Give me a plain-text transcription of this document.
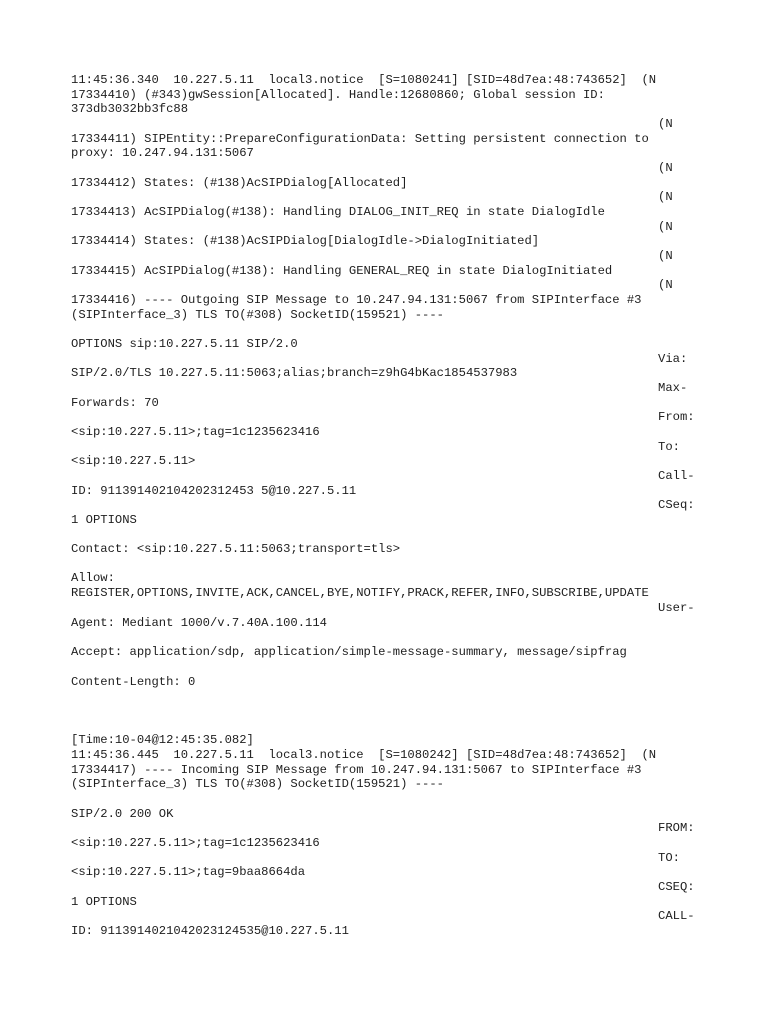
11:45:36.340  10.227.5.11  local3.notice  [S=1080241] [SID=48d7ea:48:743652]  (N

17334410) (#343)gwSession[Allocated]. Handle:12680860; Global session ID:

373db3032bb3fc88

(N

17334411) SIPEntity::PrepareConfigurationData: Setting persistent connection to

proxy: 10.247.94.131:5067

(N

17334412) States: (#138)AcSIPDialog[Allocated]

(N

17334413) AcSIPDialog(#138): Handling DIALOG_INIT_REQ in state DialogIdle

(N

17334414) States: (#138)AcSIPDialog[DialogIdle->DialogInitiated]

(N

17334415) AcSIPDialog(#138): Handling GENERAL_REQ in state DialogInitiated

(N

17334416) ---- Outgoing SIP Message to 10.247.94.131:5067 from SIPInterface #3

(SIPInterface_3) TLS TO(#308) SocketID(159521) ----

OPTIONS sip:10.227.5.11 SIP/2.0

Via:

SIP/2.0/TLS 10.227.5.11:5063;alias;branch=z9hG4bKac1854537983

Max-

Forwards: 70

From:

<sip:10.227.5.11>;tag=1c1235623416

To:

<sip:10.227.5.11>

Call-

ID: 911391402104202312453 5@10.227.5.11

CSeq:

1 OPTIONS

Contact: <sip:10.227.5.11:5063;transport=tls>

Allow:

REGISTER,OPTIONS,INVITE,ACK,CANCEL,BYE,NOTIFY,PRACK,REFER,INFO,SUBSCRIBE,UPDATE

User-

Agent: Mediant 1000/v.7.40A.100.114

Accept: application/sdp, application/simple-message-summary, message/sipfrag

Content-Length: 0

[Time:10-04@12:45:35.082]

11:45:36.445  10.227.5.11  local3.notice  [S=1080242] [SID=48d7ea:48:743652]  (N

17334417) ---- Incoming SIP Message from 10.247.94.131:5067 to SIPInterface #3

(SIPInterface_3) TLS TO(#308) SocketID(159521) ----

SIP/2.0 200 OK

FROM:

<sip:10.227.5.11>;tag=1c1235623416

TO:

<sip:10.227.5.11>;tag=9baa8664da

CSEQ:

1 OPTIONS

CALL-

ID: 9113914021042023124535@10.227.5.11
